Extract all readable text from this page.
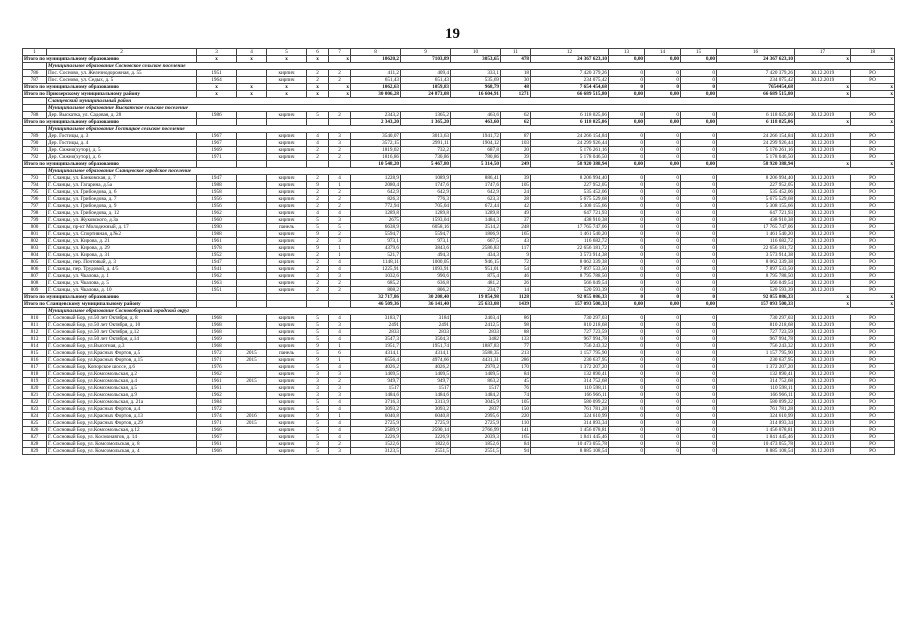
19
1	2	3	4	5	6	7	8	9	10	11	12	13	14	15	16	17	18
Итого по муниципальному образованию		x	x	x	x	x	10620,2	7103,89	3053,65	478	24 367 623,10	0,00	0,00	0,00	24 367 623,10	x	x
	Муниципальное образование Сосновское сельское поселение																
786	Пос. Сосново, ул. Железнодорожная, д. 55	1951		кирпич	2	2	411,2	409,4	333,1	18	7 420 379,26	0	0	0	7 420 379,26	30.12.2019	РО
787	Пос. Сосново, ул. Седых, д. 5	1964		кирпич	2	2	651,43	651,43	535,69	30	234 075,42	0	0	0	234 075,42	30.12.2019	РО
Итого по муниципальному образованию		x	x	x	x	x	1062,63	1059,83	968,79	48	7 654 454,68	0	0	0	7654454,68	x	x
Итого по Приозерскому муниципальному району		x	x	x	x	x	30 006,28	24 873,08	16 604,91	1271	66 689 515,80	0,00	0,00	0,00	66 689 515,80	x	x
	Сланцевский муниципальный район																
	Муниципальное образование Выскатское сельское поселение																
788	Дер. Выскатка, ул. Садовая, д. 28	1986		кирпич	5	2	2343,2	1365,2	463,6	62	6 118 025,06	0	0	0	6 118 025,06	30.12.2019	РО
Итого по муниципальному образованию							2 343,20	1 365,20	463,60	62	6 118 025,06	0,00	0,00	0,00	6 118 025,06	x	x
	Муниципальное образование Гостицкое сельское поселение																
789	Дер. Гостицы, д. 3	1967		кирпич	4	3	3540,07	3013,63	1941,72	87	24 266 154,84	0	0	0	24 266 154,84	30.12.2019	РО
790	Дер. Гостицы, д. 4	1967		кирпич	4	3	3572,15	2991,11	1904,12	103	24 299 926,44	0	0	0	24 299 926,44	30.12.2019	РО
791	Дер. Сижно(хутор), д. 5	1969		кирпич	2	2	1819,02	732,2	687,8	20	5 176 261,16	0	0	0	5 176 261,16	30.12.2019	РО
792	Дер. Сижно(хутор), д. 6	1971		кирпич	2	2	1816,86	730,86	780,86	39	5 178 046,50	0	0	0	5 178 046,50	30.12.2019	РО
Итого по муниципальному образованию							10 548,20	5 467,80	5 314,50	249	58 920 388,94	0,00	0,00	0,00	58 920 388,94	x	x
	Муниципальное образование Сланцевское городское поселение																
793	Г. Сланцы, ул. Банковская, д. 7	1947		кирпич	2	4	1228,9	1089,9	886,41	39	8 206 994,40	0	0	0	8 206 994,40	30.12.2019	РО
794	Г. Сланцы, ул. Гагарина, д.5а	1988		кирпич	9	1	2080,4	1747,6	1747,6	105	227 952,05	0	0	0	227 952,05	30.12.2019	РО
795	Г. Сланцы, ул. Грибоедова, д. 6	1958		кирпич	2	2	642,9	642,9	642,9	24	535 452,06	0	0	0	535 452,06	30.12.2019	РО
796	Г. Сланцы, ул. Грибоедова, д. 7	1956		кирпич	2	2	826,3	776,3	623,3	28	5 675 529,68	0	0	0	5 675 529,68	30.12.2019	РО
797	Г. Сланцы, ул. Грибоедова, д. 9	1956		кирпич	2	2	772,94	705,04	672,44	42	5 308 155,66	0	0	0	5 308 155,66	30.12.2019	РО
798	Г. Сланцы, ул. Грибоедова, д. 12	1962		кирпич	4	4	1289,8	1289,8	1289,8	49	647 721,93	0	0	0	647 721,93	30.12.2019	РО
799	Г. Сланцы, ул. Жуковского, д.3а	1960		кирпич	5	3	2675	1593,04	1484,3	37	438 910,38	0	0	0	438 910,38	30.12.2019	РО
800	Г. Сланцы, пр-кт Молодежный, д. 17	1990		панель	5	5	6638,9	6058,16	3514,2	248	17 765 747,06	0	0	0	17 765 747,06	30.12.2019	РО
801	Г. Сланцы, ул. Спортивная, д.№2	1988		кирпич	9	2	5594,7	5594,7	1806,9	165	1 461 540,20	0	0	0	1 461 540,20	30.12.2019	РО
802	Г. Сланцы, ул. Кирова, д. 21	1961		кирпич	2	3	973,1	973,1	667,5	43	116 682,72	0	0	0	116 682,72	30.12.2019	РО
803	Г. Сланцы, ул. Кирова, д. 29	1978		кирпич	9	1	4379,6	3843,6	2586,83	117	22 656 181,72	0	0	0	22 656 181,72	30.12.2019	РО
804	Г. Сланцы, ул. Кирова, д. 31	1952		кирпич	2	1	521,7	494,3	434,3	9	3 573 914,38	0	0	0	3 573 914,38	30.12.2019	РО
805	Г. Сланцы, пер. Почтовый, д. 3	1947		кирпич	2	4	1148,11	1000,05	946,15	72	8 062 339,38	0	0	0	8 062 339,38	30.12.2019	РО
806	Г. Сланцы, пер. Трудовой, д. 4/5	1941		кирпич	2	4	1225,91	1093,91	951,01	54	7 897 533,50	0	0	0	7 897 533,50	30.12.2019	РО
807	Г. Сланцы, ул. Чкалова, д. 1	1962		кирпич	3	3	1032,6	990,6	875,4	46	8 795 788,50	0	0	0	8 795 788,50	30.12.2019	РО
808	Г. Сланцы, ул. Чкалова, д. 5	1963		кирпич	2	2	685,2	636,8	481,2	26	566 049,54	0	0	0	566 049,54	30.12.2019	РО
809	Г. Сланцы, ул. Чкалова, д. 10	1951		кирпич	2	2	808,2	806,2	234,7	14	520 593,39	0	0	0	520 593,39	30.12.2019	РО
Итого по муниципальному образованию							32 717,86	30 208,40	19 854,98	1128	92 055 086,33	0	0	0	92 055 086,33	x	x
Итого по Сланцевскому муниципальному району							46 509,36	36 141,40	25 633,08	1439	157 093 500,33	0,00	0,00	0,00	157 093 500,33	x	x
	Муниципальное образование Сосновоборский городской округ																
810	Г. Сосновый Бор, ул.50 лет Октября, д. 8	1968		кирпич	5	4	3183,7	3184	2403,4	86	730 297,03	0	0	0	730 297,03	30.12.2019	РО
811	Г. Сосновый Бор, ул.50 лет Октября, д. 10	1968		кирпич	5	3	2491	2491	2412,5	98	810 218,68	0	0	0	810 218,68	30.12.2019	РО
812	Г. Сосновый Бор, ул.50 лет Октября, д.12	1968		кирпич	5	4	2833	2833	2833	88	727 723,59	0	0	0	727 723,59	30.12.2019	РО
813	Г. Сосновый Бор, ул.50 лет Октября, д.14	1969		кирпич	5	4	3547,3	3504,3	3482	133	967 994,78	0	0	0	967 994,78	30.12.2019	РО
814	Г. Сосновый Бор, ул.Высотная, д.3	1968		кирпич	9	1	1951,7	1951,74	1887,83	77	756 243,32	0	0	0	756 243,32	30.12.2019	РО
815	Г. Сосновый Бор, ул.Красных Фортов, д.5	1972	2015	панель	5	6	4314,1	4314,1	3588,35	213	1 157 795,90	0	0	0	1 157 795,90	30.12.2019	РО
816	Г. Сосновый Бор, ул.Красных Фортов, д.15	1971	2015	кирпич	9	1	6556,4	4974,66	4431,31	286	230 637,95	0	0	0	230 637,95	30.12.2019	РО
817	Г. Сосновый Бор, Копорское шоссе, д.6	1976		кирпич	5	4	4026,2	4026,2	2970,2	170	1 372 207,20	0	0	0	1 372 207,20	30.12.2019	РО
818	Г. Сосновый Бор, ул.Комсомольская, д.2	1962		кирпич	3	3	1409,5	1409,5	1409,5	84	132 890,41	0	0	0	132 890,41	30.12.2019	РО
819	Г. Сосновый Бор, ул.Комсомольская, д.4	1961	2015	кирпич	3	2	949,7	949,7	863,2	45	314 752,68	0	0	0	314 752,68	30.12.2019	РО
820	Г. Сосновый Бор, ул.Комсомольская, д.5	1961		кирпич	3	3	1517	1517	1517	76	110 598,11	0	0	0	110 598,11	30.12.2019	РО
821	Г. Сосновый Бор, ул.Комсомольская, д.9	1962		кирпич	3	3	1484,6	1484,6	1484,2	74	166 966,11	0	0	0	166 966,11	30.12.2019	РО
822	Г. Сосновый Бор, ул.Комсомольская, д. 21а	1984		кирпич	5	4	3716,3	3313,9	3045,9	105	580 099,22	0	0	0	580 099,22	30.12.2019	РО
823	Г. Сосновый Бор, ул.Красных Фортов, д.4	1972		кирпич	5	4	3093,2	3093,2	2837	150	761 781,28	0	0	0	761 781,28	30.12.2019	РО
824	Г. Сосновый Бор, ул.Красных Фортов, д.13	1974	2016	кирпич	9	1	6040,8	6040,8	2995,6	220	324 610,99	0	0	0	324 610,99	30.12.2019	РО
825	Г. Сосновый Бор, ул.Красных Фортов, д.29	1971	2015	кирпич	5	4	2725,9	2725,9	2725,9	110	314 893,34	0	0	0	314 893,34	30.12.2019	РО
826	Г. Сосновый Бор, ул.Комсомольская, д.12	1966		кирпич	5	4	2509,9	2590,14	2766,99	141	1 456 078,81	0	0	0	1 456 078,81	30.12.2019	РО
827	Г. Сосновый Бор, ул. Космонавтов, д. 14	1967		кирпич	5	4	3226,9	3226,9	2039,3	165	1 841 445,46	0	0	0	1 841 445,46	30.12.2019	РО
828	Г. Сосновый Бор, ул. Комсомольская, д. 8	1961		кирпич	3	2	1522,6	1822,6	1852,6	84	10 473 055,78	0	0	0	10 473 055,78	30.12.2019	РО
829	Г. Сосновый Бор, ул. Комсомольская, д. 4	1966		кирпич	5	3	3123,5	2551,5	2551,5	94	8 885 108,54	0	0	0	8 885 108,54	30.12.2019	РО
